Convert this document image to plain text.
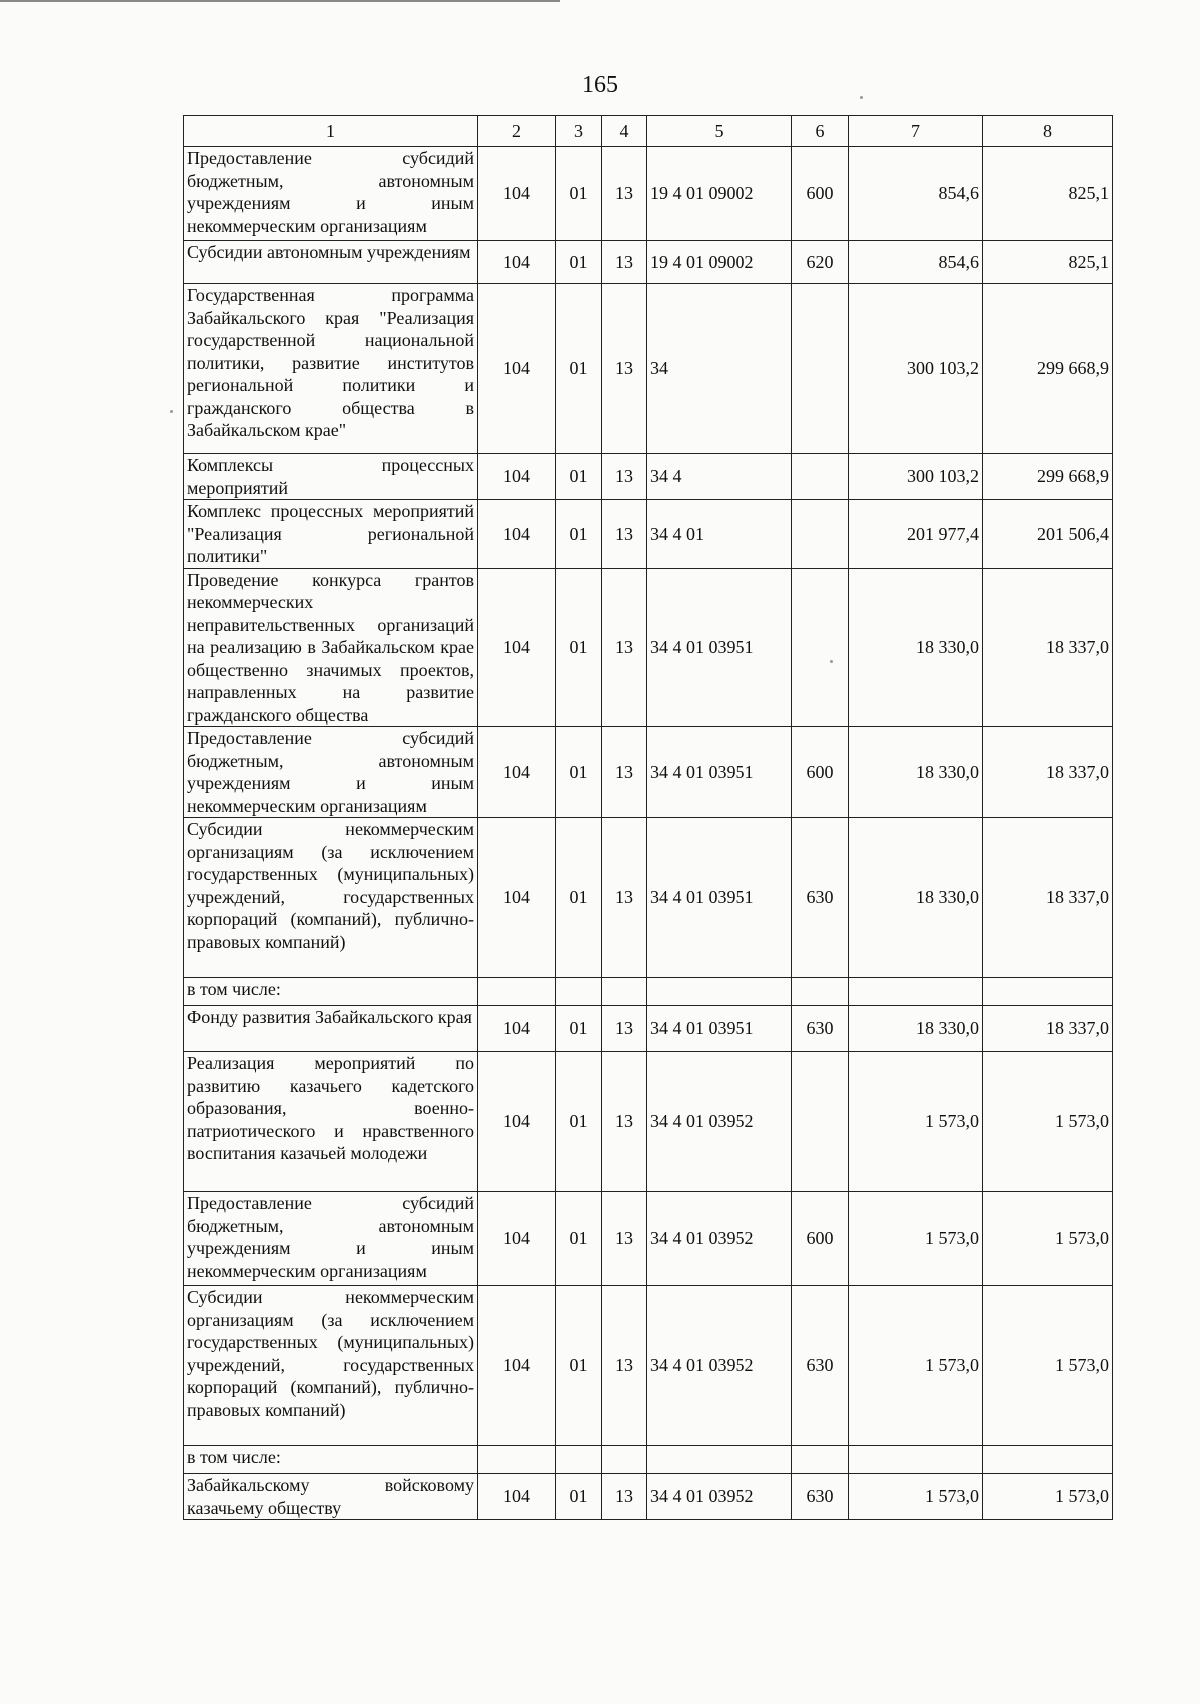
165
1	2	3	4	5	6	7	8
Предоставление субсидий бюджетным, автономным учреждениям и иным некоммерческим организациям	104	01	13	19 4 01 09002	600	854,6	825,1
Субсидии автономным учреждениям	104	01	13	19 4 01 09002	620	854,6	825,1
Государственная программа Забайкальского края "Реализация государственной национальной политики, развитие институтов региональной политики и гражданского общества в Забайкальском крае"	104	01	13	34		300 103,2	299 668,9
Комплексы процессных мероприятий	104	01	13	34 4		300 103,2	299 668,9
Комплекс процессных мероприятий "Реализация региональной политики"	104	01	13	34 4 01		201 977,4	201 506,4
Проведение конкурса грантов некоммерческих неправительственных организаций на реализацию в Забайкальском крае общественно значимых проектов, направленных на развитие гражданского общества	104	01	13	34 4 01 03951		18 330,0	18 337,0
Предоставление субсидий бюджетным, автономным учреждениям и иным некоммерческим организациям	104	01	13	34 4 01 03951	600	18 330,0	18 337,0
Субсидии некоммерческим организациям (за исключением государственных (муниципальных) учреждений, государственных корпораций (компаний), публично-правовых компаний)	104	01	13	34 4 01 03951	630	18 330,0	18 337,0
в том числе:							
Фонду развития Забайкальского края	104	01	13	34 4 01 03951	630	18 330,0	18 337,0
Реализация мероприятий по развитию казачьего кадетского образования, военно-патриотического и нравственного воспитания казачьей молодежи	104	01	13	34 4 01 03952		1 573,0	1 573,0
Предоставление субсидий бюджетным, автономным учреждениям и иным некоммерческим организациям	104	01	13	34 4 01 03952	600	1 573,0	1 573,0
Субсидии некоммерческим организациям (за исключением государственных (муниципальных) учреждений, государственных корпораций (компаний), публично-правовых компаний)	104	01	13	34 4 01 03952	630	1 573,0	1 573,0
в том числе:							
Забайкальскому войсковому казачьему обществу	104	01	13	34 4 01 03952	630	1 573,0	1 573,0
